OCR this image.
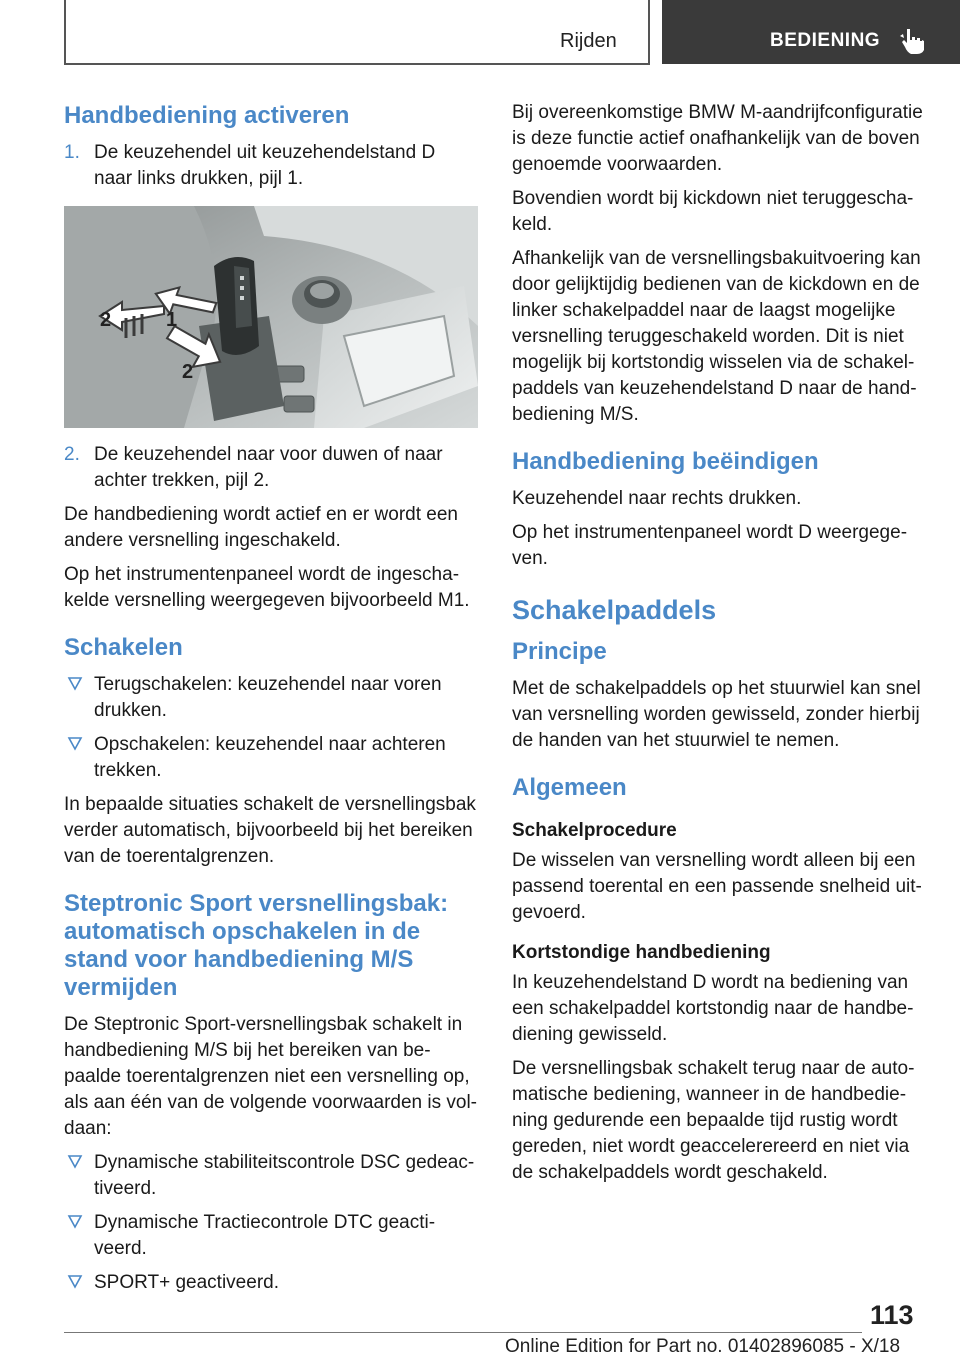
Rijden	BEDIENING
Handbediening activeren
1. De keuzehendel uit keuzehendelstand D naar links drukken, pijl 1.
2	1
2
2. De keuzehendel naar voor duwen of naar achter trekken, pijl 2.

De handbediening wordt actief en er wordt een andere versnelling ingeschakeld.

Op het instrumentenpaneel wordt de ingeschakelde versnelling weergegeven bijvoorbeeld M1.

Schakelen
Terugschakelen: keuzehendel naar voren drukken.
Opschakelen: keuzehendel naar achteren trekken.

In bepaalde situaties schakelt de versnellingsbak verder automatisch, bijvoorbeeld bij het bereiken van de toerentalgrenzen.

Steptronic Sport versnellingsbak: automatisch opschakelen in de stand voor handbediening M/S vermijden

De Steptronic Sport-versnellingsbak schakelt in handbediening M/S bij het bereiken van bepaalde toerentalgrenzen niet een versnelling op, als aan één van de volgende voorwaarden is voldaan:

Dynamische stabiliteitscontrole DSC gedeactiveerd.
Dynamische Tractiecontrole DTC geactiveerd.
SPORT+ geactiveerd.

Bij overeenkomstige BMW M-aandrijfconfiguratie is deze functie actief onafhankelijk van de boven genoemde voorwaarden.

Bovendien wordt bij kickdown niet teruggeschakeld.

Afhankelijk van de versnellingsbakuitvoering kan door gelijktijdig bedienen van de kickdown en de linker schakelpaddel naar de laagst mogelijke versnelling teruggeschakeld worden. Dit is niet mogelijk bij kortstondig wisselen via de schakelpaddels van keuzehendelstand D naar de handbediening M/S.

Handbediening beëindigen

Keuzehendel naar rechts drukken.

Op het instrumentenpaneel wordt D weergegeven.

Schakelpaddels
Principe

Met de schakelpaddels op het stuurwiel kan snel van versnelling worden gewisseld, zonder hierbij de handen van het stuurwiel te nemen.

Algemeen
Schakelprocedure

De wisselen van versnelling wordt alleen bij een passend toerental en een passende snelheid uitgevoerd.

Kortstondige handbediening

In keuzehendelstand D wordt na bediening van een schakelpaddel kortstondig naar de handbediening gewisseld.

De versnellingsbak schakelt terug naar de automatische bediening, wanneer in de handbediening gedurende een bepaalde tijd rustig wordt gereden, niet wordt geaccelerereerd en niet via de schakelpaddels wordt geschakeld.

113
Online Edition for Part no. 01402896085 - X/18
